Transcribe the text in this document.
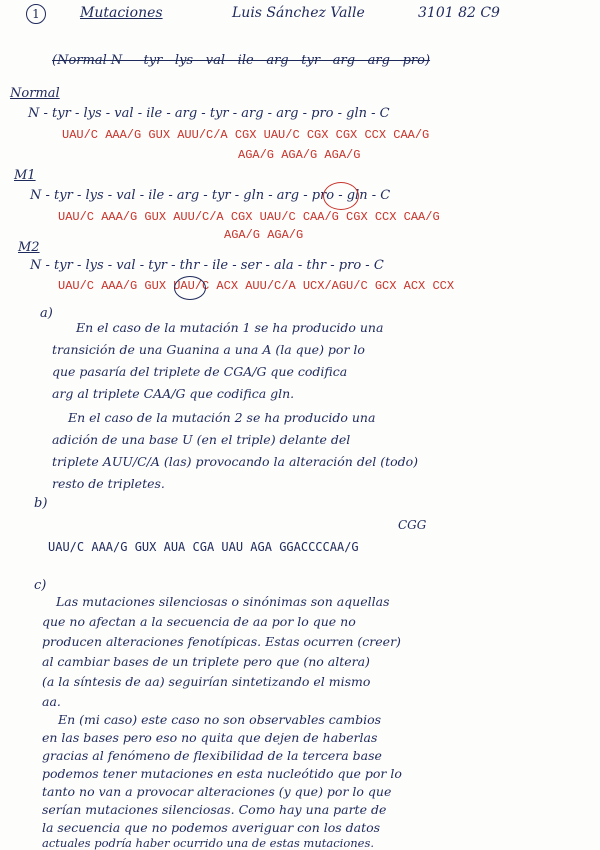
1	Mutaciones	Luis Sánchez Valle	3101 82 C9
(Normal N — tyr - lys - val - ile - arg - tyr - arg - arg - pro)
Normal
N - tyr - lys - val - ile - arg - tyr - arg - arg - pro - gln - C
UAU/C AAA/G GUX AUU/C/A CGX UAU/C CGX CGX CCX CAA/G
AGA/G AGA/G AGA/G
M1
N - tyr - lys - val - ile - arg - tyr - gln - arg - pro - gln - C
UAU/C AAA/G GUX AUU/C/A CGX UAU/C CAA/G CGX CCX CAA/G
AGA/G AGA/G
M2
N - tyr - lys - val - tyr - thr - ile - ser - ala - thr - pro - C
UAU/C AAA/G GUX UAU/C ACX AUU/C/A UCX/AGU/C GCX ACX CCX
a)
En el caso de la mutación 1 se ha producido una
transición de una Guanina a una A (la que) por lo
que pasaría del triplete de CGA/G que codifica
arg al triplete CAA/G que codifica gln.
En el caso de la mutación 2 se ha producido una
adición de una base U (en el triple) delante del
triplete AUU/C/A (las) provocando la alteración del (todo)
resto de tripletes.
b)
CGG
UAU/C AAA/G GUX AUA CGA UAU AGA GGACCCCAA/G
c)
Las mutaciones silenciosas o sinónimas son aquellas
que no afectan a la secuencia de aa por lo que no
producen alteraciones fenotípicas. Estas ocurren (creer)
al cambiar bases de un triplete pero que (no altera)
(a la síntesis de aa) seguirían sintetizando el mismo
aa.
En (mi caso) este caso no son observables cambios
en las bases pero eso no quita que dejen de haberlas
gracias al fenómeno de flexibilidad de la tercera base
podemos tener mutaciones en esta nucleótido que por lo
tanto no van a provocar alteraciones (y que) por lo que
serían mutaciones silenciosas. Como hay una parte de
la secuencia que no podemos averiguar con los datos
actuales podría haber ocurrido una de estas mutaciones.
